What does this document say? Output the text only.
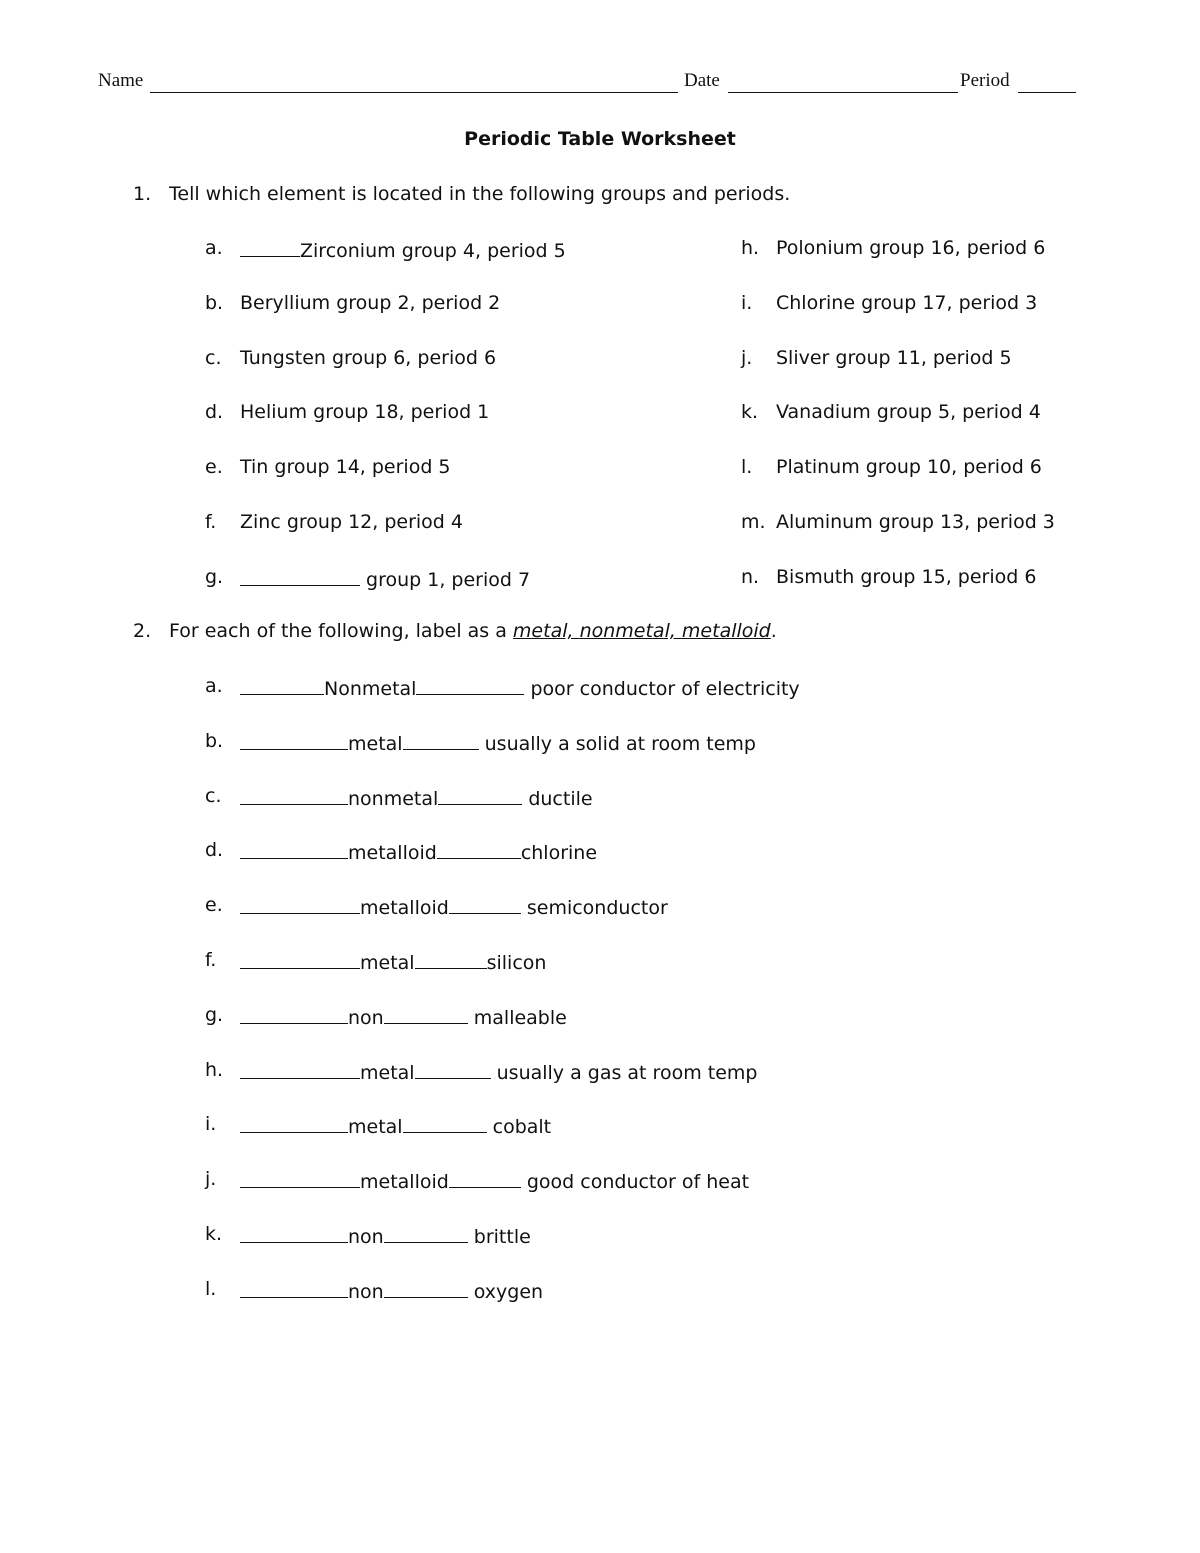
Name	Date	Period
Periodic Table Worksheet
1. Tell which element is located in the following groups and periods.
a.	Zirconium group 4, period 5
b. Beryllium group 2, period 2
c. Tungsten group 6, period 6
d. Helium group 18, period 1
e. Tin group 14, period 5
f. Zinc group 12, period 4
g.	group 1, period 7
h. Polonium group 16, period 6
i. Chlorine group 17, period 3
j. Sliver group 11, period 5
k. Vanadium group 5, period 4
l. Platinum group 10, period 6
m. Aluminum group 13, period 3
n. Bismuth group 15, period 6
2. For each of the following, label as a metal, nonmetal, metalloid.
a.	Nonmetal	poor conductor of electricity
b.	metal	usually a solid at room temp
c.	nonmetal	ductile
d.	metalloid	chlorine
e.	metalloid	semiconductor
f.	metal	silicon
g.	non	malleable
h.	metal	usually a gas at room temp
i.	metal	cobalt
j.	metalloid	good conductor of heat
k.	non	brittle
l.	non	oxygen
